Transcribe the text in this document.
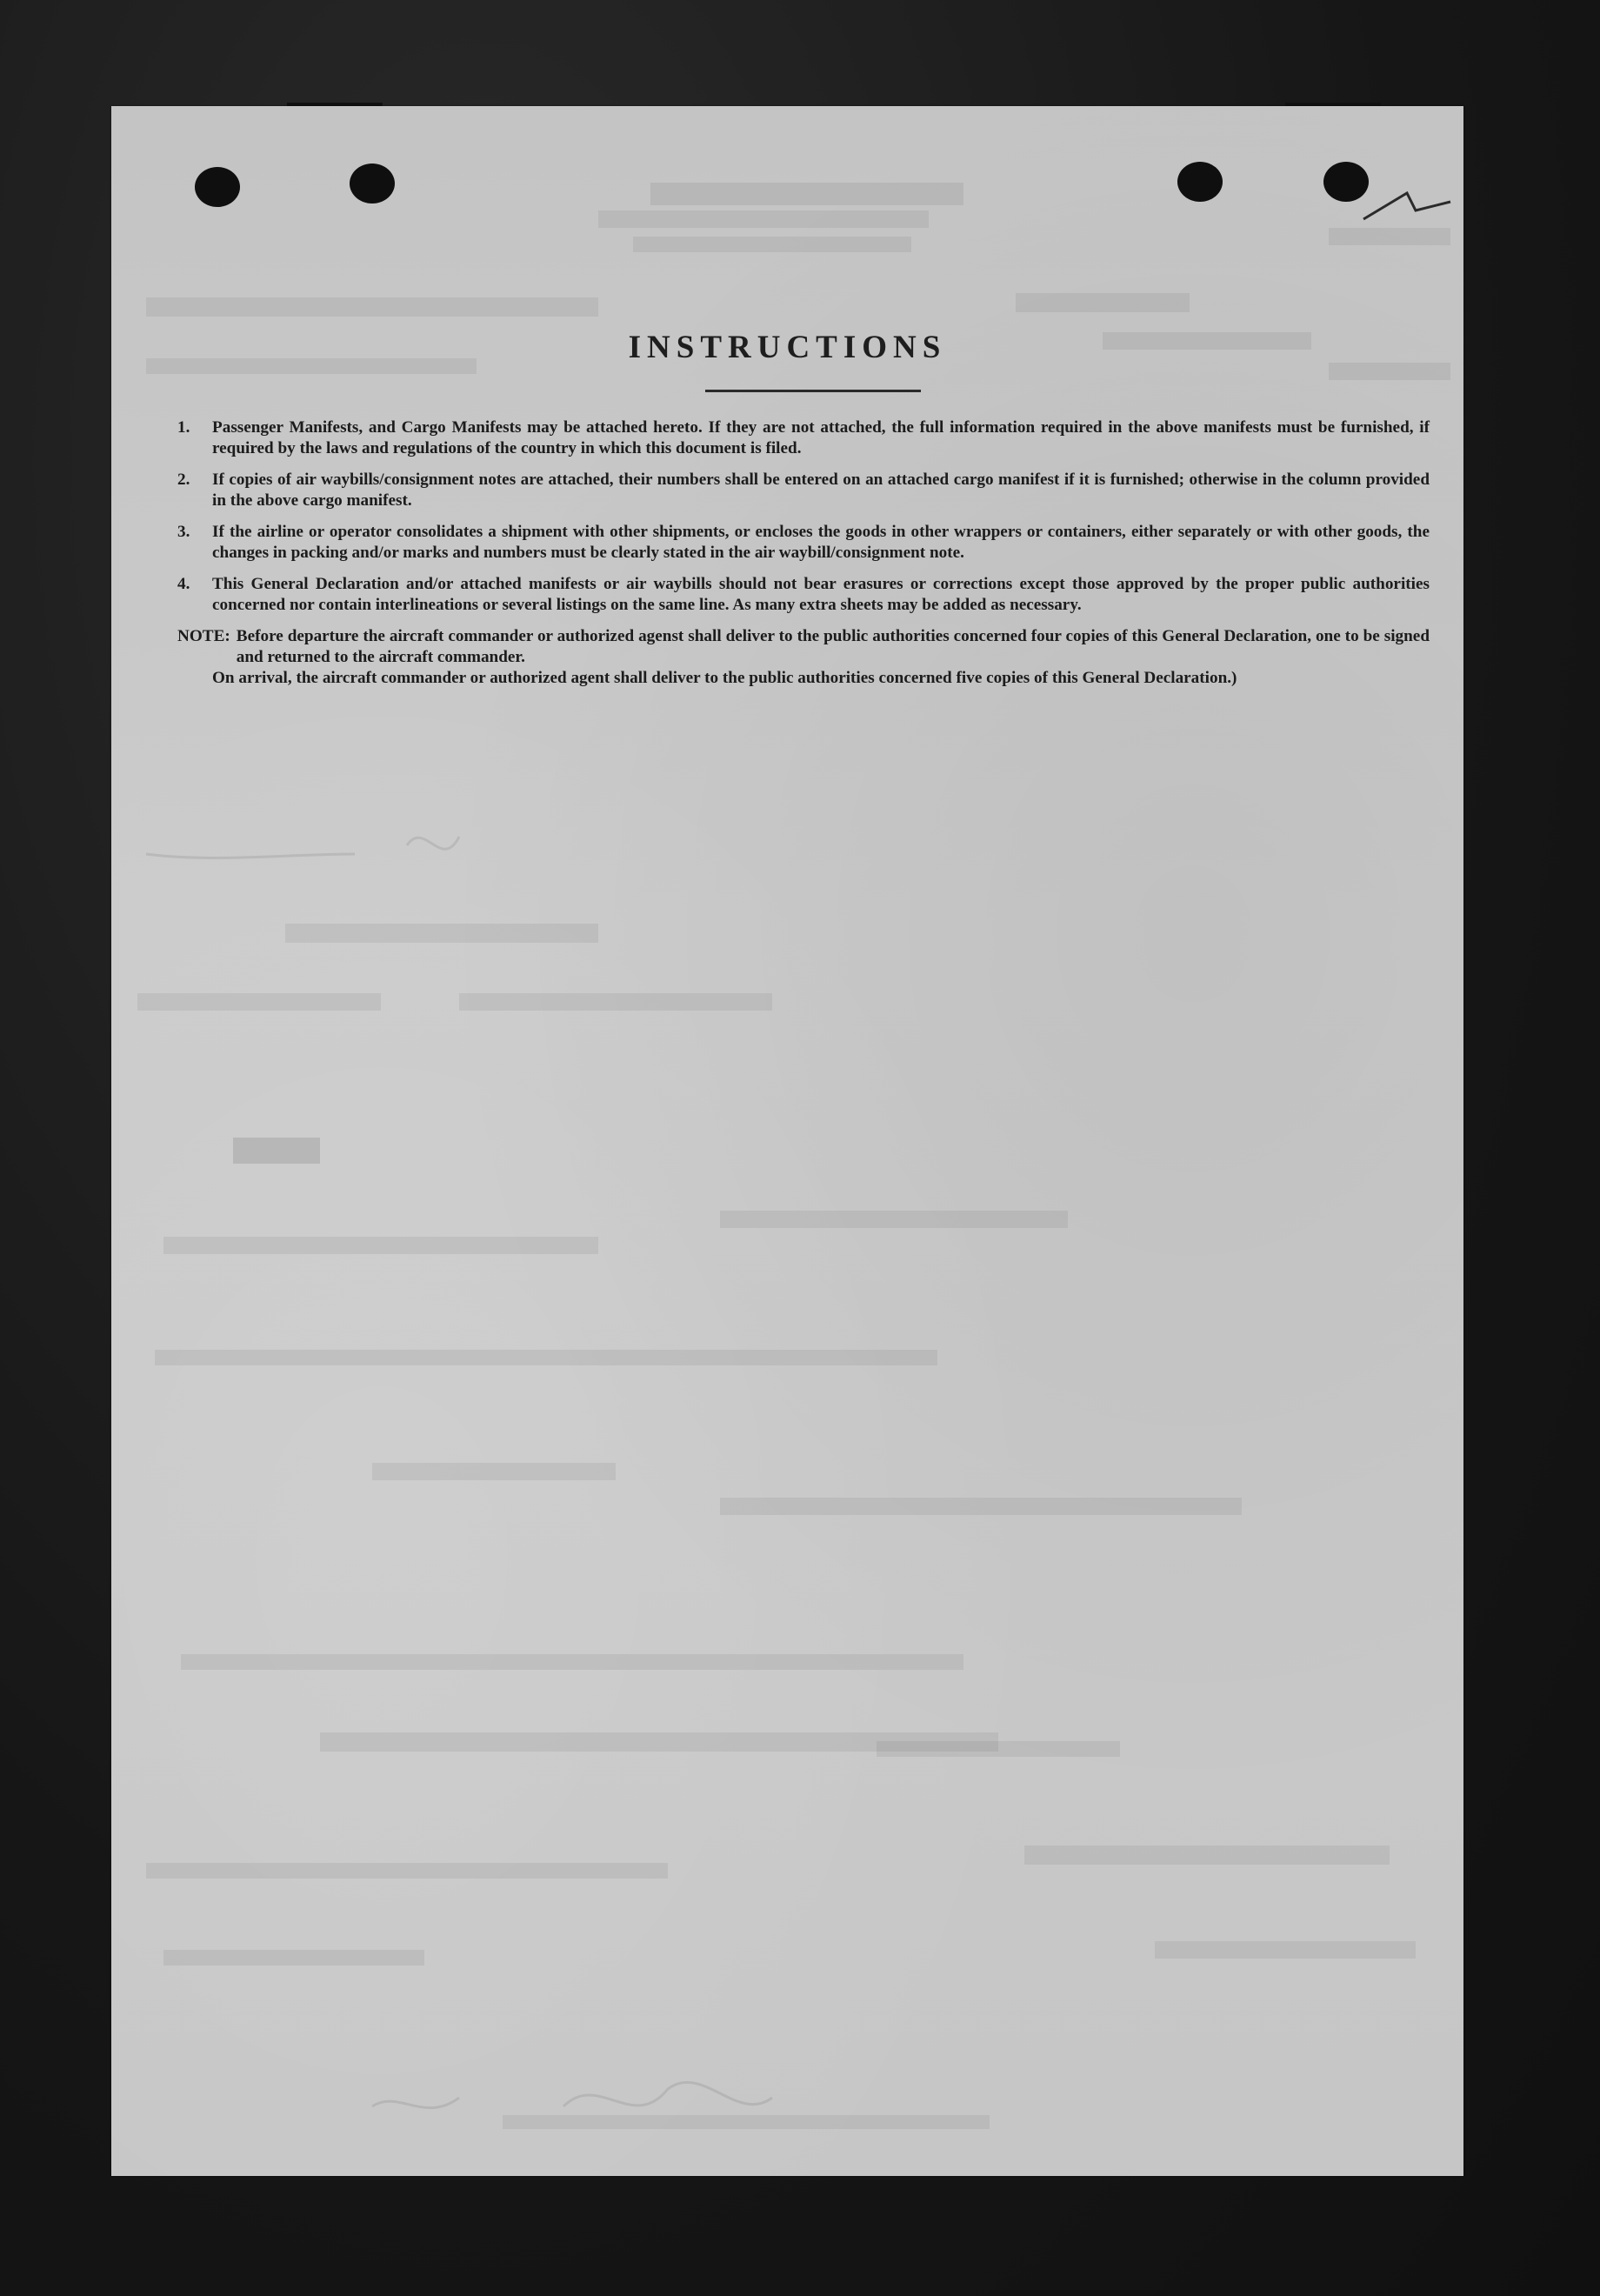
INSTRUCTIONS
1.	Passenger Manifests, and Cargo Manifests may be attached hereto. If they are not attached, the full information required in the above manifests must be furnished, if required by the laws and regulations of the country in which this document is filed.
2.	If copies of air waybills/consignment notes are attached, their numbers shall be entered on an attached cargo manifest if it is furnished; otherwise in the column provided in the above cargo manifest.
3.	If the airline or operator consolidates a shipment with other shipments, or encloses the goods in other wrappers or containers, either separately or with other goods, the changes in packing and/or marks and numbers must be clearly stated in the air waybill/consignment note.
4.	This General Declaration and/or attached manifests or air waybills should not bear erasures or corrections except those approved by the proper public authorities concerned nor contain interlineations or several listings on the same line. As many extra sheets may be added as necessary.
NOTE: Before departure the aircraft commander or authorized agenst shall deliver to the public authorities concerned four copies of this General Declaration, one to be signed and returned to the aircraft commander.
On arrival, the aircraft commander or authorized agent shall deliver to the public authorities concerned five copies of this General Declaration.)
